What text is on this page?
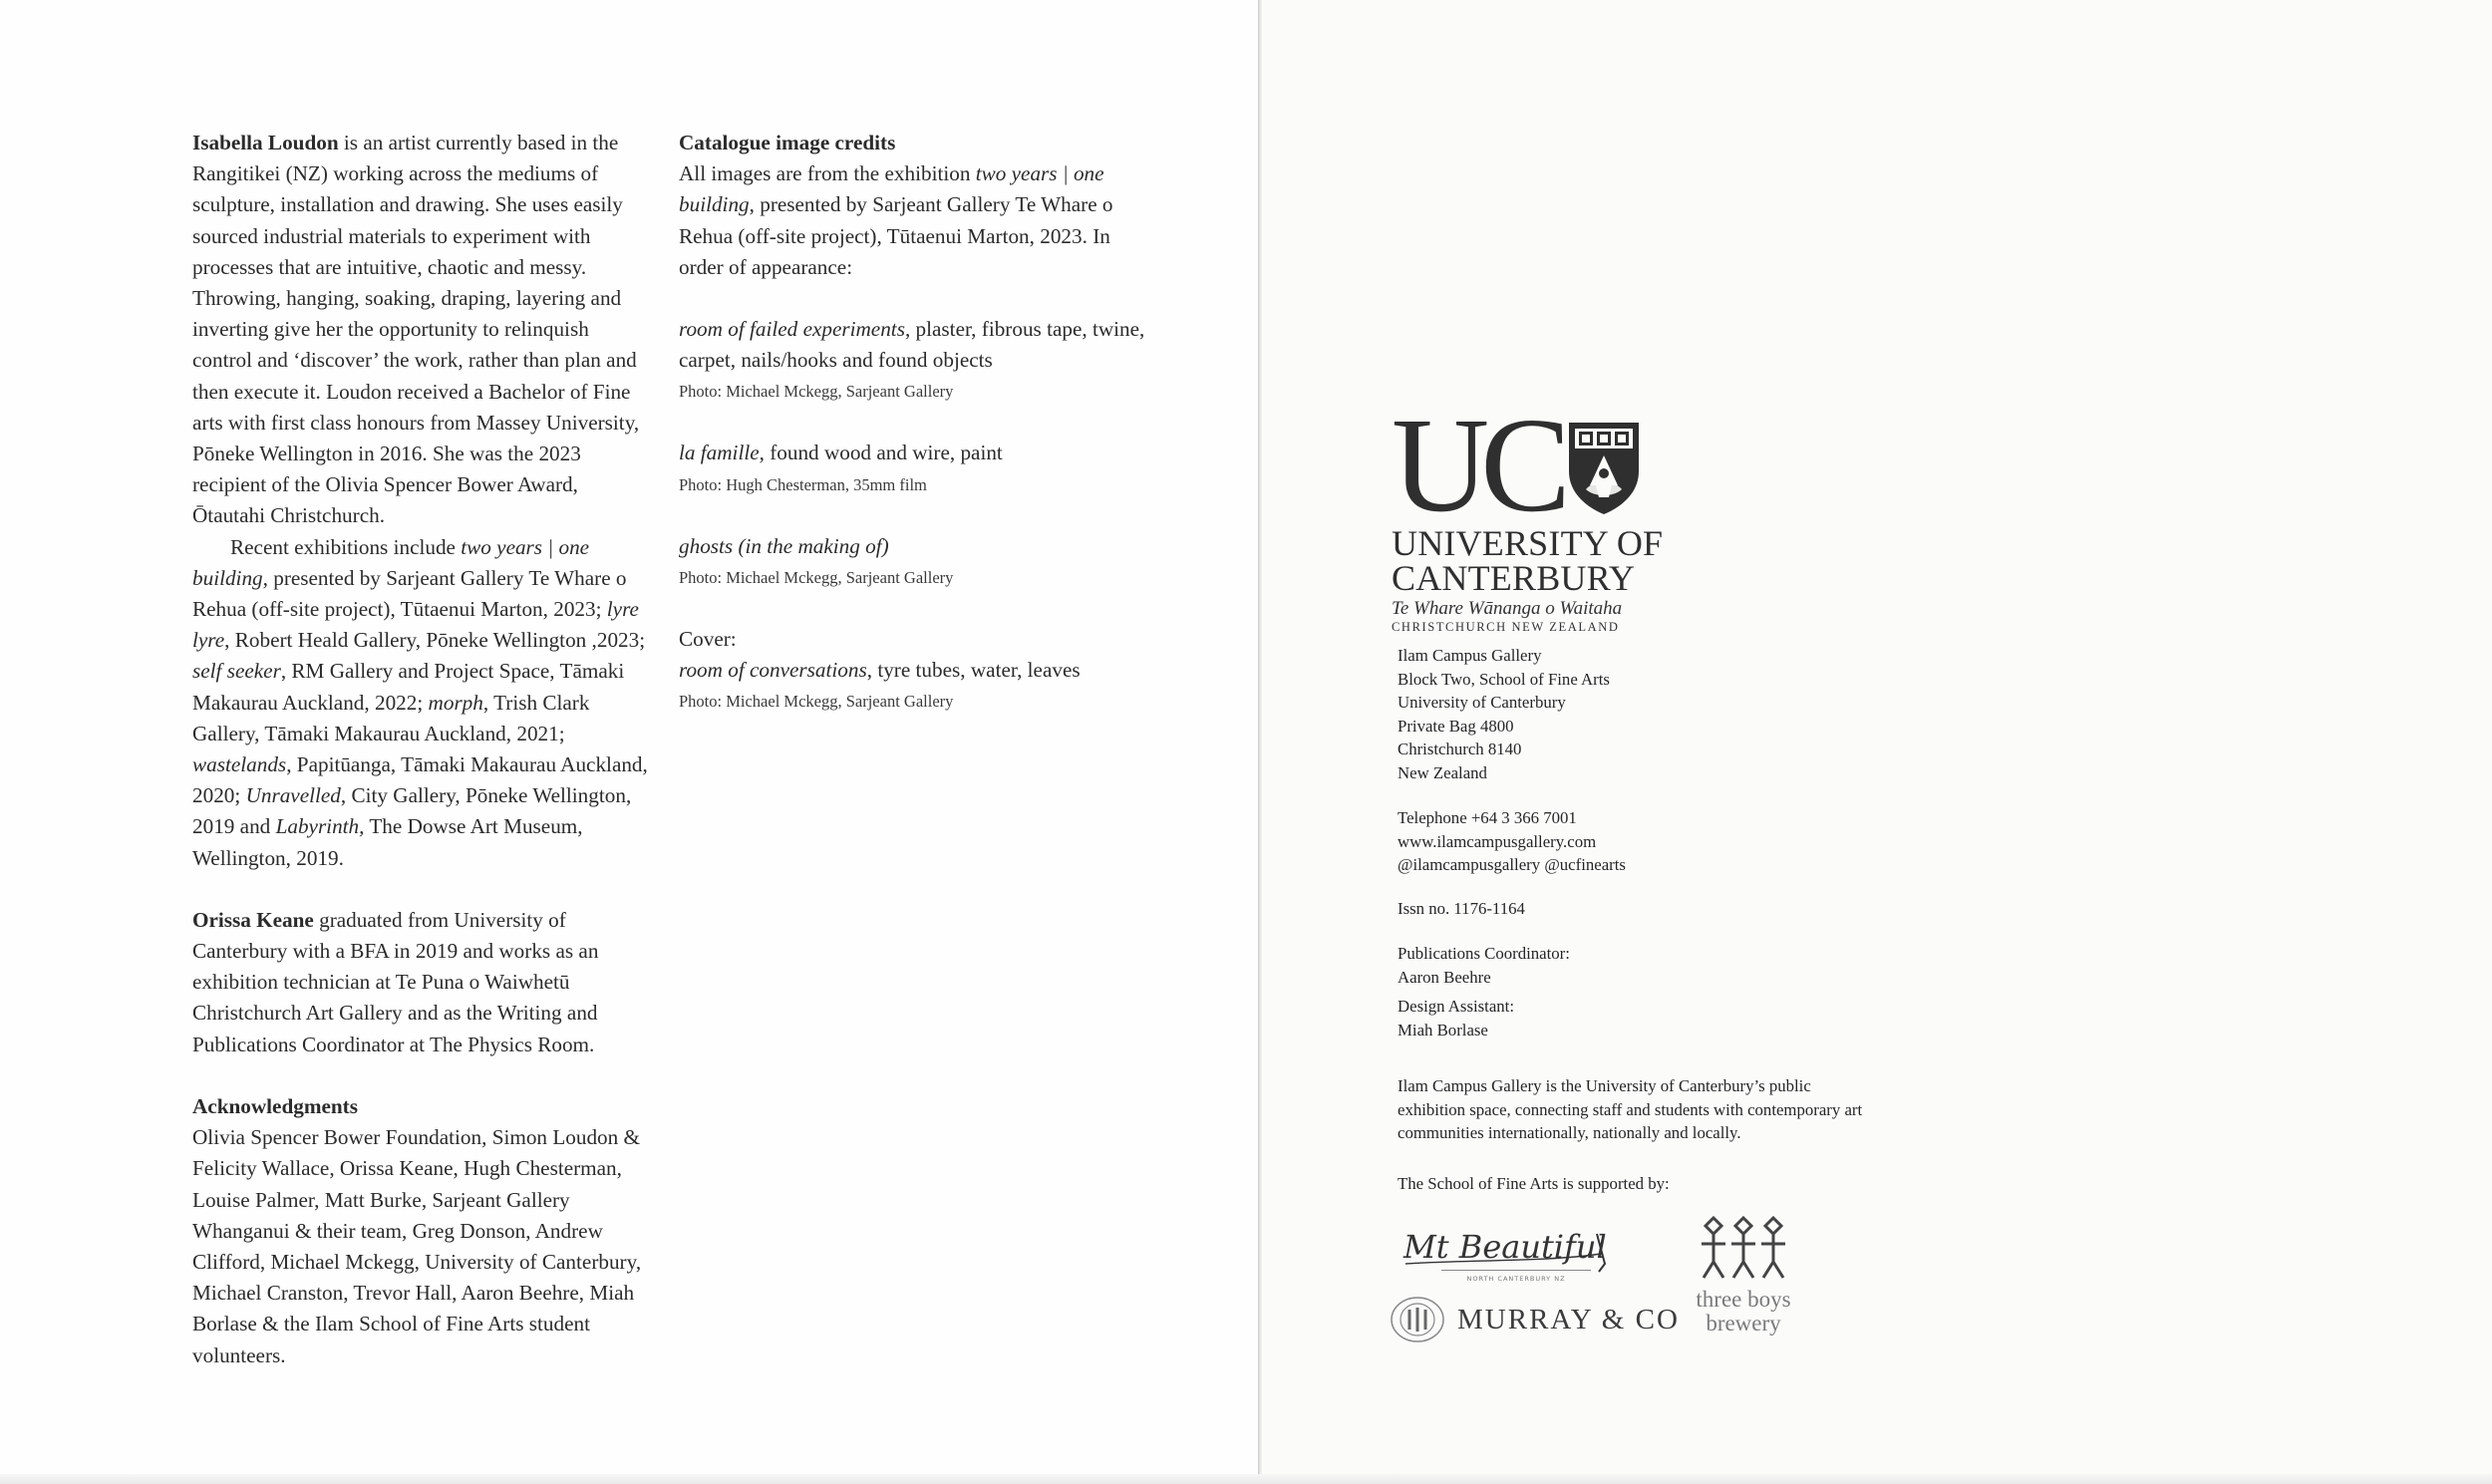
Isabella Loudon is an artist currently based in the Rangitikei (NZ) working across the mediums of sculpture, installation and drawing. She uses easily sourced industrial materials to experiment with processes that are intuitive, chaotic and messy. Throwing, hanging, soaking, draping, layering and inverting give her the opportunity to relinquish control and ‘discover’ the work, rather than plan and then execute it. Loudon received a Bachelor of Fine arts with first class honours from Massey University, Pōneke Wellington in 2016. She was the 2023 recipient of the Olivia Spencer Bower Award, Ōtautahi Christchurch.

Recent exhibitions include two years | one building, presented by Sarjeant Gallery Te Whare o Rehua (off-site project), Tūtaenui Marton, 2023; lyre lyre, Robert Heald Gallery, Pōneke Wellington ,2023; self seeker, RM Gallery and Project Space, Tāmaki Makaurau Auckland, 2022; morph, Trish Clark Gallery, Tāmaki Makaurau Auckland, 2021; wastelands, Papitūanga, Tāmaki Makaurau Auckland, 2020; Unravelled, City Gallery, Pōneke Wellington, 2019 and Labyrinth, The Dowse Art Museum, Wellington, 2019.

Orissa Keane graduated from University of Canterbury with a BFA in 2019 and works as an exhibition technician at Te Puna o Waiwhetū Christchurch Art Gallery and as the Writing and Publications Coordinator at The Physics Room.

Acknowledgments

Olivia Spencer Bower Foundation, Simon Loudon & Felicity Wallace, Orissa Keane, Hugh Chesterman, Louise Palmer, Matt Burke, Sarjeant Gallery Whanganui & their team, Greg Donson, Andrew Clifford, Michael Mckegg, University of Canterbury, Michael Cranston, Trevor Hall, Aaron Beehre, Miah Borlase & the Ilam School of Fine Arts student volunteers.

Catalogue image credits

All images are from the exhibition two years | one building, presented by Sarjeant Gallery Te Whare o Rehua (off-site project), Tūtaenui Marton, 2023. In order of appearance:

room of failed experiments, plaster, fibrous tape, twine, carpet, nails/hooks and found objects

Photo: Michael Mckegg, Sarjeant Gallery

la famille, found wood and wire, paint

Photo: Hugh Chesterman, 35mm film

ghosts (in the making of)

Photo: Michael Mckegg, Sarjeant Gallery

Cover:

room of conversations, tyre tubes, water, leaves

Photo: Michael Mckegg, Sarjeant Gallery

UC
UNIVERSITY OF
CANTERBURY
Te Whare Wānanga o Waitaha
CHRISTCHURCH NEW ZEALAND

Ilam Campus Gallery

Block Two, School of Fine Arts

University of Canterbury

Private Bag 4800

Christchurch 8140

New Zealand

Telephone +64 3 366 7001

www.ilamcampusgallery.com

@ilamcampusgallery @ucfinearts

Issn no. 1176-1164

Publications Coordinator:

Aaron Beehre

Design Assistant:

Miah Borlase

Ilam Campus Gallery is the University of Canterbury’s public exhibition space, connecting staff and students with contemporary art communities internationally, nationally and locally.
The School of Fine Arts is supported by:
Mt Beautiful
NORTH CANTERBURY NZ
MURRAY & CO
three boys
brewery
